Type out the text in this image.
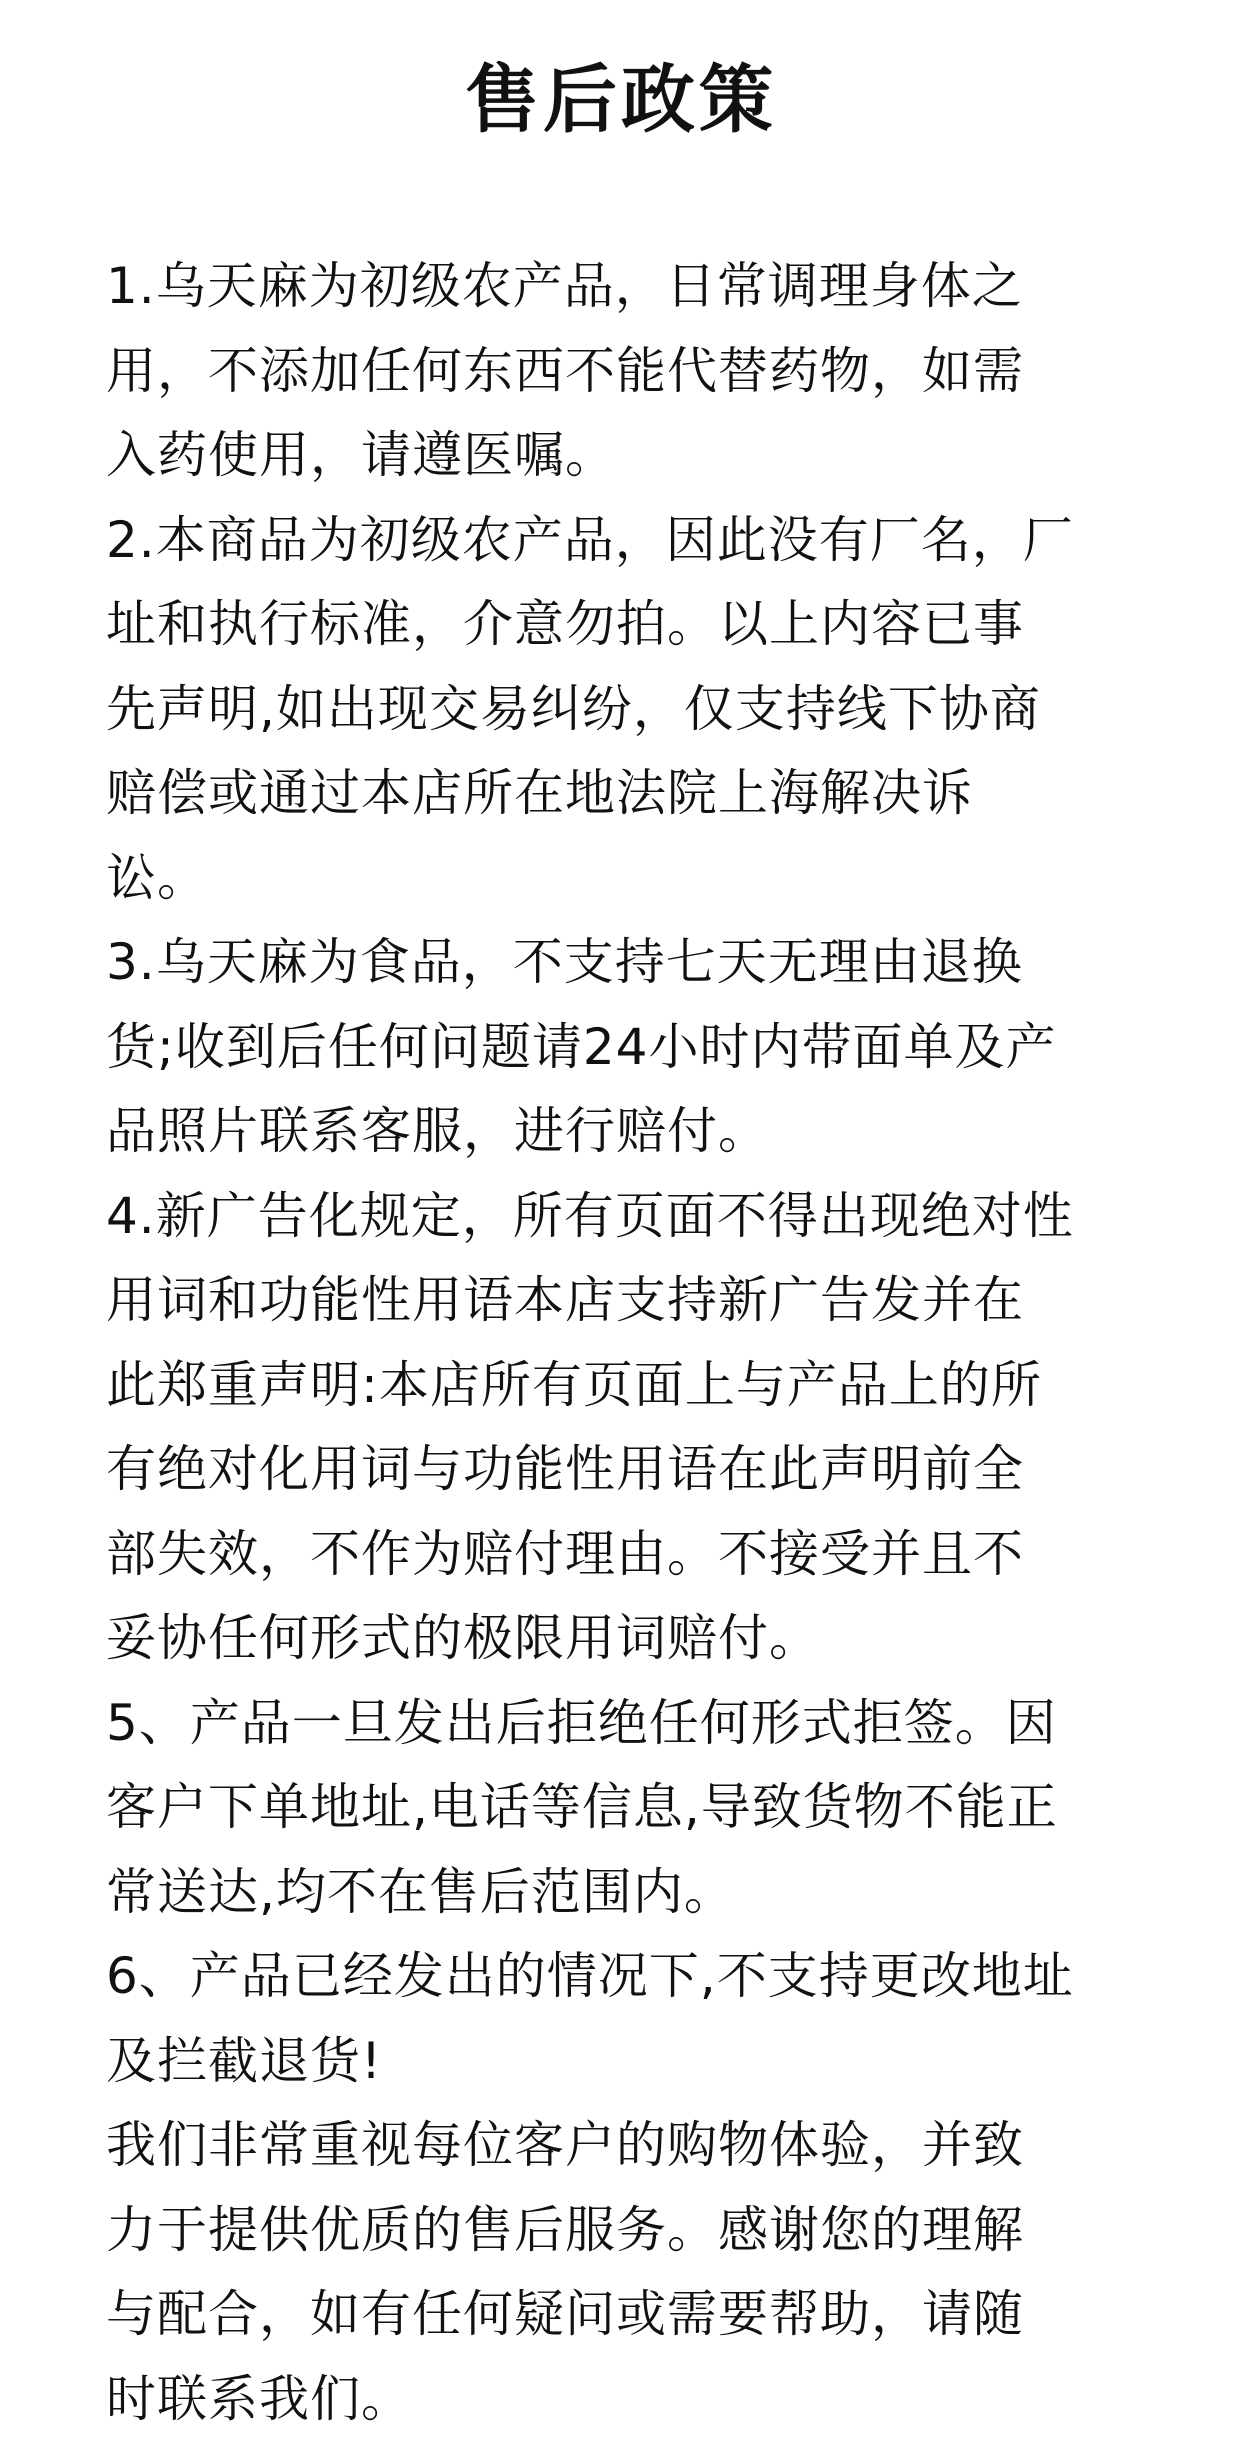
售后政策
1.乌天麻为初级农产品，日常调理身体之
用，不添加任何东西不能代替药物，如需
入药使用，请遵医嘱。
2.本商品为初级农产品，因此没有厂名，厂
址和执行标准，介意勿拍。以上内容已事
先声明,如出现交易纠纷，仅支持线下协商
赔偿或通过本店所在地法院上海解决诉
讼。
3.乌天麻为食品，不支持七天无理由退换
货;收到后任何问题请24小时内带面单及产
品照片联系客服，进行赔付。
4.新广告化规定，所有页面不得出现绝对性
用词和功能性用语本店支持新广告发并在
此郑重声明:本店所有页面上与产品上的所
有绝对化用词与功能性用语在此声明前全
部失效，不作为赔付理由。不接受并且不
妥协任何形式的极限用词赔付。
5、产品一旦发出后拒绝任何形式拒签。因
客户下单地址,电话等信息,导致货物不能正
常送达,均不在售后范围内。
6、产品已经发出的情况下,不支持更改地址
及拦截退货!
我们非常重视每位客户的购物体验，并致
力于提供优质的售后服务。感谢您的理解
与配合，如有任何疑问或需要帮助，请随
时联系我们。
